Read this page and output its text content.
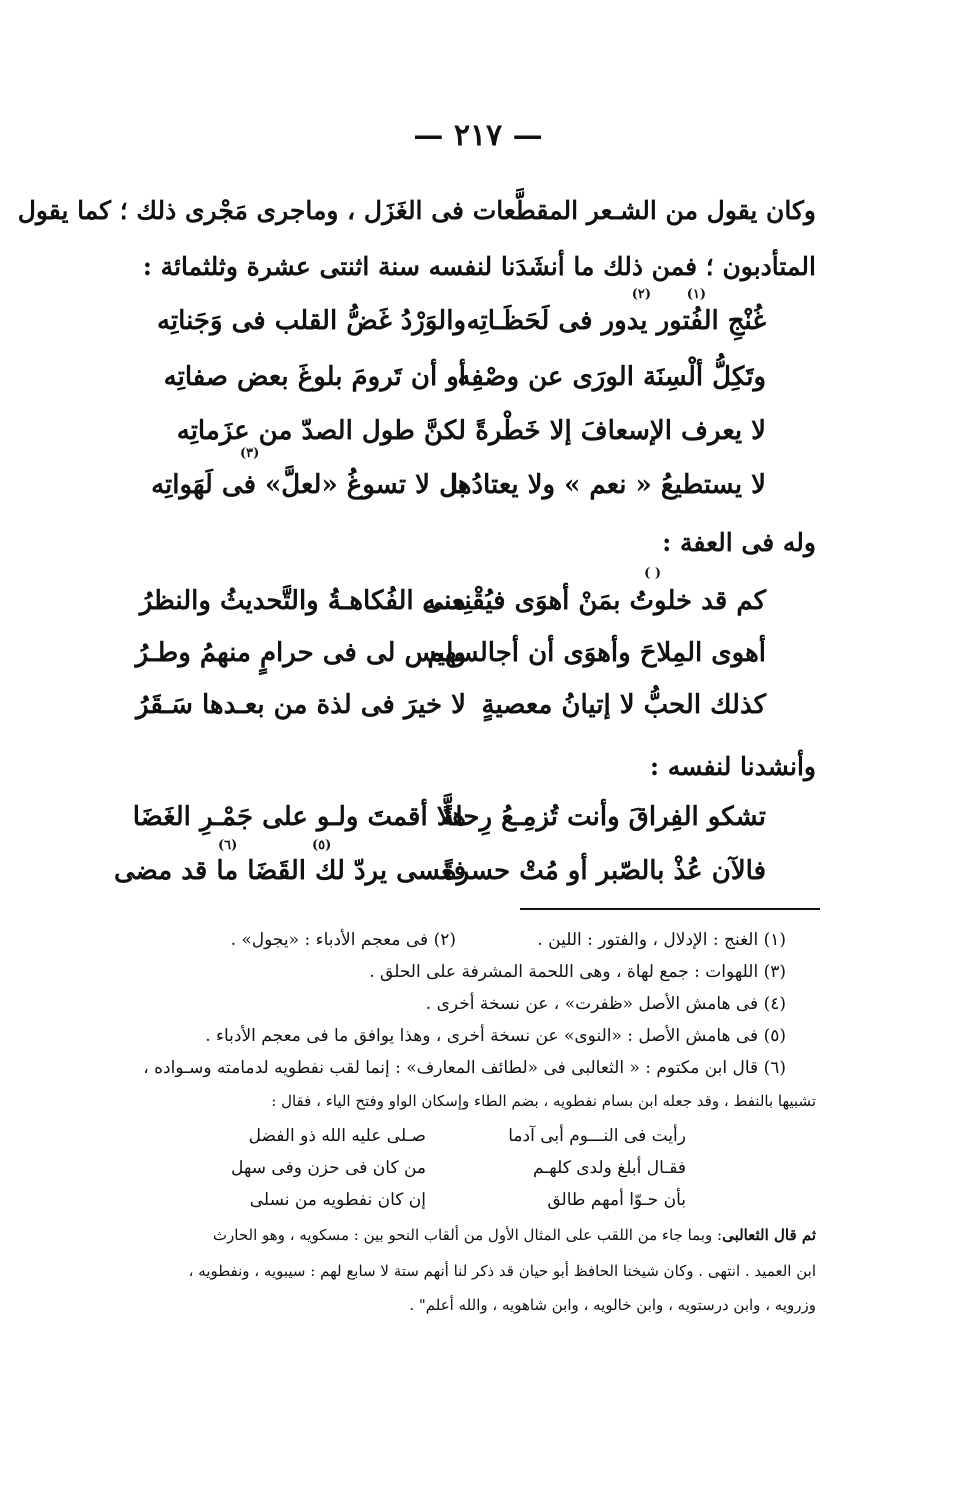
— ٢١٧ —
وكان يقول من الشـعر المقطَّعات فى الغَزَل ، وماجرى مَجْرى ذلك ؛ كما يقول
المتأدبون ؛ فمن ذلك ما أنشَدَنا لنفسه سنة اثنتى عشرة وثلثمائة :
(١)
(٢)
(٣)
غُنْجِ الفُتور يدور فى لَحَظَـاتِه
والوَرْدُ غَضُّ القلب فى وَجَناتِه
وتَكِلُّ ألْسِنَة الورَى عن وصْفِه
أو أن تَرومَ بلوغَ بعض صفاتِه
لا يعرف الإسعافَ إلا خَطْرةً
لكنَّ طول الصدّ من عزَماتِه
لا يستطيعُ « نعم » ولا يعتادُها
بل لا تسوغُ «لعلَّ» فى لَهَواتِه
وله فى العفة :
( )
كم قد خلوتُ بمَنْ أهوَى فيُقْنِعنى
منـه الفُكاهـةُ والتَّحديثُ والنظرُ
أهوى المِلاحَ وأهوَى أن أجالسهم
وليس لى فى حرامٍ منهمُ وطـرُ
كذلك الحبُّ لا إتيانُ معصيةٍ
لا خيرَ فى لذة من بعـدها سَـقَرُ
وأنشدنا لنفسه :
تشكو الفِراقَ وأنت تُزمِـعُ رِحلةً
هلَّا أقمتَ ولـو على جَمْـرِ الغَضَا
(٥)
(٦)
فالآن عُذْ بالصّبر أو مُتْ حسرةً
فعسى يردّ لك القَضَا ما قد مضى
(١) الغنج : الإدلال ، والفتور : اللين .
(٢) فى معجم الأدباء : «يجول» .
(٣) اللهوات : جمع لهاة ، وهى اللحمة المشرفة على الحلق .
(٤) فى هامش الأصل «ظفرت» ، عن نسخة أخرى .
(٥) فى هامش الأصل : «النوى» عن نسخة أخرى ، وهذا يوافق ما فى معجم الأدباء .
(٦) قال ابن مكتوم : « الثعالبى فى «لطائف المعارف» : إنما لقب نفطويه لدمامته وسـواده ،
تشبيها بالنفط ، وقد جعله ابن بسام نفطويه ، بضم الطاء وإسكان الواو وفتح الياء ، فقال :
رأيت فى النـــوم أبى آدما
صـلى عليه الله ذو الفضل
فقـال أبلغ ولدى كلهـم
من كان فى حزن وفى سهل
بأن حـوّا أمهم طالق
إن كان نفطويه من نسلى
ثم قال الثعالبى: وبما جاء من اللقب على المثال الأول من ألقاب النحو بين : مسكويه ، وهو الحارث
ابن العميد . انتهى . وكان شيخنا الحافظ أبو حيان قد ذكر لنا أنهم ستة لا سابع لهم : سيبويه ، ونفطويه ،
وزرويه ، وابن درستويه ، وابن خالويه ، وابن شاهويه ، والله أعلم" .
